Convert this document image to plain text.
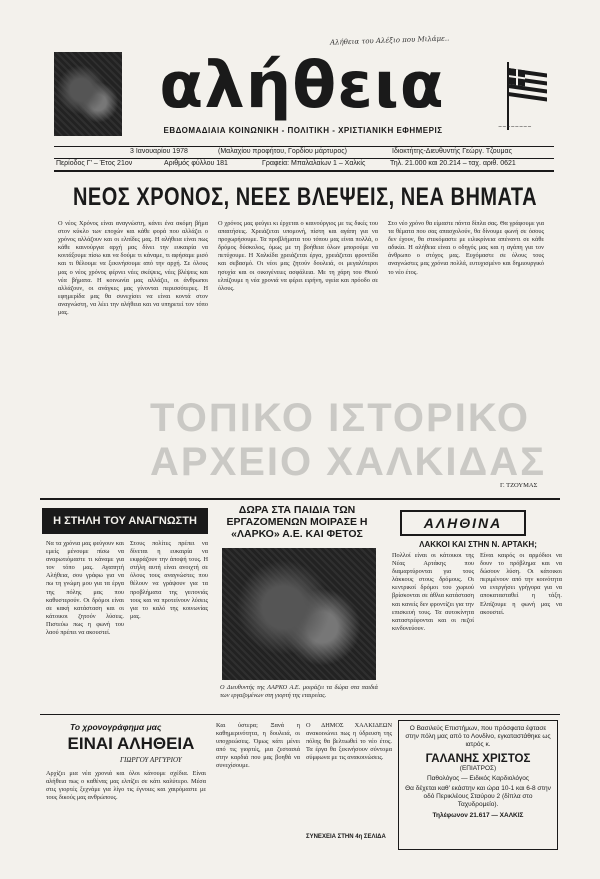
Αλήθεια του Αλέξιο που Μιλάμε..
αλήθεια
~~~~~~~~
ΕΒΔΟΜΑΔΙΑΙΑ ΚΟΙΝΩΝΙΚΗ - ΠΟΛΙΤΙΚΗ - ΧΡΙΣΤΙΑΝΙΚΗ ΕΦΗΜΕΡΙΣ
3 Ιανουαρίου 1978	(Μαλαχίου προφήτου, Γορδίου μάρτυρος)	Ιδιοκτήτης-Διευθυντής Γεώργ. Τζουμας
Περίοδος Γ' – Έτος 21ον	Αριθμός φύλλου 181	Γραφεία: Μπαλαλαίων 1 – Χαλκίς	Τηλ. 21.000 και 20.214 – ταχ. αριθ. 0621
ΝΕΟΣ ΧΡΟΝΟΣ, ΝΕΕΣ ΒΛΕΨΕΙΣ, ΝΕΑ ΒΗΜΑΤΑ
Ο νέος Χρόνος είναι αναγνώστη, κάνει ένα ακόμη βήμα στον κύκλο των εποχών και κάθε φορά που αλλάζει ο χρόνος αλλάζουν και οι ελπίδες μας. Η αλήθεια είναι πως κάθε καινούργια αρχή μας δίνει την ευκαιρία να κοιτάξουμε πίσω και να δούμε τι κάναμε, τι αφήσαμε μισό και τι θέλουμε να ξεκινήσουμε από την αρχή. Σε όλους μας ο νέος χρόνος φέρνει νέες σκέψεις, νέες βλέψεις και νέα βήματα. Η κοινωνία μας αλλάζει, οι άνθρωποι αλλάζουν, οι ανάγκες μας γίνονται περισσότερες. Η εφημερίδα μας θα συνεχίσει να είναι κοντά στον αναγνώστη, να λέει την αλήθεια και να υπηρετεί τον τόπο μας.
Ο χρόνος μας φεύγει κι έρχεται ο καινούργιος με τις δικές του απαιτήσεις. Χρειάζεται υπομονή, πίστη και αγάπη για να προχωρήσουμε. Τα προβλήματα του τόπου μας είναι πολλά, ο δρόμος δύσκολος, όμως με τη βοήθεια όλων μπορούμε να πετύχουμε. Η Χαλκίδα χρειάζεται έργα, χρειάζεται φροντίδα και σεβασμό. Οι νέοι μας ζητούν δουλειά, οι μεγαλύτεροι ησυχία και οι οικογένειες ασφάλεια. Με τη χάρη του Θεού ελπίζουμε η νέα χρονιά να φέρει ειρήνη, υγεία και πρόοδο σε όλους.
Στο νέο χρόνο θα είμαστε πάντα δίπλα σας. Θα γράφουμε για τα θέματα που σας απασχολούν, θα δίνουμε φωνή σε όσους δεν έχουν, θα στεκόμαστε με ειλικρίνεια απέναντι σε κάθε αδικία. Η αλήθεια είναι ο οδηγός μας και η αγάπη για τον άνθρωπο ο στόχος μας. Ευχόμαστε σε όλους τους αναγνώστες μας χρόνια πολλά, ευτυχισμένο και δημιουργικό το νέο έτος.
Γ. ΤΖΟΥΜΑΣ
ΤΟΠΙΚΟ ΙΣΤΟΡΙΚΟ
ΑΡΧΕΙΟ ΧΑΛΚΙΔΑΣ
Η ΣΤΗΛΗ ΤΟΥ ΑΝΑΓΝΩΣΤΗ
Να τα χρόνια μας φεύγουν και εμείς μένουμε πίσω να αναρωτιόμαστε τι κάναμε για τον τόπο μας. Αγαπητή Αλήθεια, σου γράφω για να πω τη γνώμη μου για τα έργα της πόλης μας που καθυστερούν. Οι δρόμοι είναι σε κακή κατάσταση και οι κάτοικοι ζητούν λύσεις. Πιστεύω πως η φωνή του λαού πρέπει να ακουστεί.
Στους πολίτες πρέπει να δίνεται η ευκαιρία να εκφράζουν την άποψή τους. Η στήλη αυτή είναι ανοιχτή σε όλους τους αναγνώστες που θέλουν να γράψουν για τα προβλήματα της γειτονιάς τους και να προτείνουν λύσεις για το καλό της κοινωνίας μας.
ΔΩΡΑ ΣΤΑ ΠΑΙΔΙΑ ΤΩΝ ΕΡΓΑΖΟΜΕΝΩΝ ΜΟΙΡΑΣΕ Η «ΛΑΡΚΟ» Α.Ε. ΚΑΙ ΦΕΤΟΣ
Ο Διευθυντής της ΛΑΡΚΟ Α.Ε. μοιράζει τα δώρα στα παιδιά των εργαζομένων στη γιορτή της εταιρείας.
ΑΛΗΘΙΝΑ
ΛΑΚΚΟΙ ΚΑΙ ΣΤΗΝ Ν. ΑΡΤΑΚΗ;
Πολλοί είναι οι κάτοικοι της Νέας Αρτάκης που διαμαρτύρονται για τους λάκκους στους δρόμους. Οι κεντρικοί δρόμοι του χωριού βρίσκονται σε άθλια κατάσταση και κανείς δεν φροντίζει για την επισκευή τους. Τα αυτοκίνητα καταστρέφονται και οι πεζοί κινδυνεύουν.
Είναι καιρός οι αρμόδιοι να δουν το πρόβλημα και να δώσουν λύση. Οι κάτοικοι περιμένουν από την κοινότητα να ενεργήσει γρήγορα για να αποκατασταθεί η τάξη. Ελπίζουμε η φωνή μας να ακουστεί.
Το χρονογράφημα μας
ΕΙΝΑΙ ΑΛΗΘΕΙΑ
ΓΙΩΡΓΟΥ ΑΡΓΥΡΙΟΥ
Αρχίζει μια νέα χρονιά και όλοι κάνουμε σχέδια. Είναι αλήθεια πως ο καθένας μας ελπίζει σε κάτι καλύτερο. Μέσα στις γιορτές ξεχνάμε για λίγο τις έγνοιες και χαιρόμαστε με τους δικούς μας ανθρώπους.
Και ύστερα; Ξανά η καθημερινότητα, η δουλειά, οι υποχρεώσεις. Όμως κάτι μένει από τις γιορτές, μια ζεστασιά στην καρδιά που μας βοηθά να συνεχίσουμε.
Ο ΔΗΜΟΣ ΧΑΛΚΙΔΕΩΝ ανακοινώνει πως η ύδρευση της πόλης θα βελτιωθεί το νέο έτος. Τα έργα θα ξεκινήσουν σύντομα σύμφωνα με τις ανακοινώσεις.
ΣΥΝΕΧΕΙΑ ΣΤΗΝ 4η ΣΕΛΙΔΑ
Ο Βασιλεύς Επιστήμων, που πρόσφατα έφτασε στην πόλη μας από το Λονδίνο, εγκαταστάθηκε ως ιατρός κ.
ΓΑΛΑΝΗΣ ΧΡΙΣΤΟΣ
(ΕΠΙΑΤΡΟΣ)
Παθολόγος — Ειδικός Καρδιολόγος
Θα δέχεται καθ' εκάστην και ώρα 10-1 και 6-8 στην οδό Περικλέους Σταύρου 2 (δίπλα στο Ταχυδρομείο).
Τηλέφωνον 21.617 — ΧΑΛΚΙΣ
